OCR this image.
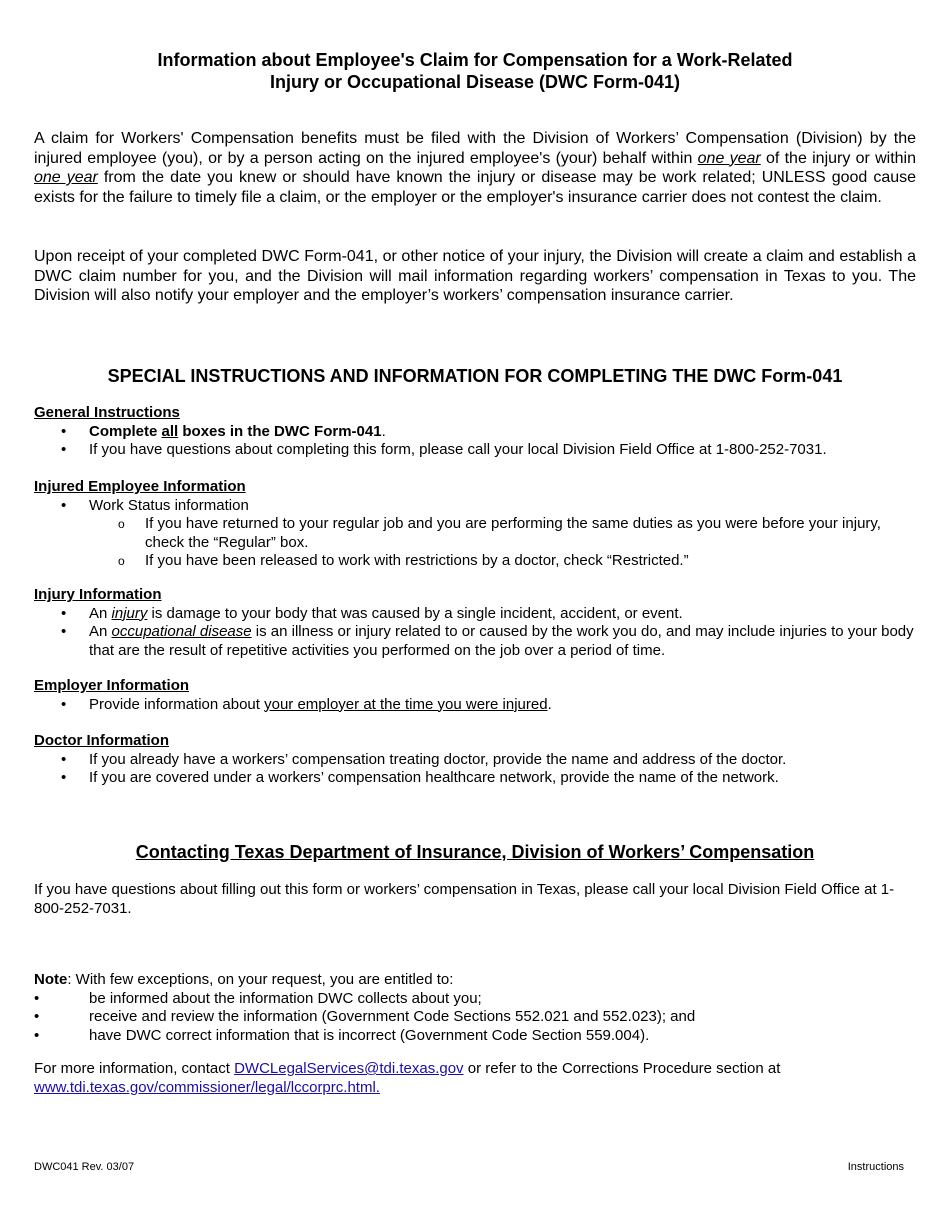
Information about Employee's Claim for Compensation for a Work-Related
Injury or Occupational Disease (DWC Form-041)
A claim for Workers' Compensation benefits must be filed with the Division of Workers’ Compensation (Division) by the injured employee (you), or by a person acting on the injured employee's (your) behalf within one year of the injury or within one year from the date you knew or should have known the injury or disease may be work related; UNLESS good cause exists for the failure to timely file a claim, or the employer or the employer's insurance carrier does not contest the claim.
Upon receipt of your completed DWC Form-041, or other notice of your injury, the Division will create a claim and establish a DWC claim number for you, and the Division will mail information regarding workers’ compensation in Texas to you. The Division will also notify your employer and the employer’s workers’ compensation insurance carrier.
SPECIAL INSTRUCTIONS AND INFORMATION FOR COMPLETING THE DWC Form-041
General Instructions
• Complete all boxes in the DWC Form-041.
• If you have questions about completing this form, please call your local Division Field Office at 1-800-252-7031.
Injured Employee Information
• Work Status information
o If you have returned to your regular job and you are performing the same duties as you were before your injury, check the “Regular” box.
o If you have been released to work with restrictions by a doctor, check “Restricted.”
Injury Information
• An injury is damage to your body that was caused by a single incident, accident, or event.
• An occupational disease is an illness or injury related to or caused by the work you do, and may include injuries to your body that are the result of repetitive activities you performed on the job over a period of time.
Employer Information
• Provide information about your employer at the time you were injured.
Doctor Information
• If you already have a workers’ compensation treating doctor, provide the name and address of the doctor.
• If you are covered under a workers’ compensation healthcare network, provide the name of the network.
Contacting Texas Department of Insurance, Division of Workers’ Compensation
If you have questions about filling out this form or workers’ compensation in Texas, please call your local Division Field Office at 1-800-252-7031.
Note: With few exceptions, on your request, you are entitled to:
• be informed about the information DWC collects about you;
• receive and review the information (Government Code Sections 552.021 and 552.023); and
• have DWC correct information that is incorrect (Government Code Section 559.004).
For more information, contact DWCLegalServices@tdi.texas.gov or refer to the Corrections Procedure section at
www.tdi.texas.gov/commissioner/legal/lccorprc.html.
DWC041 Rev. 03/07	Instructions
